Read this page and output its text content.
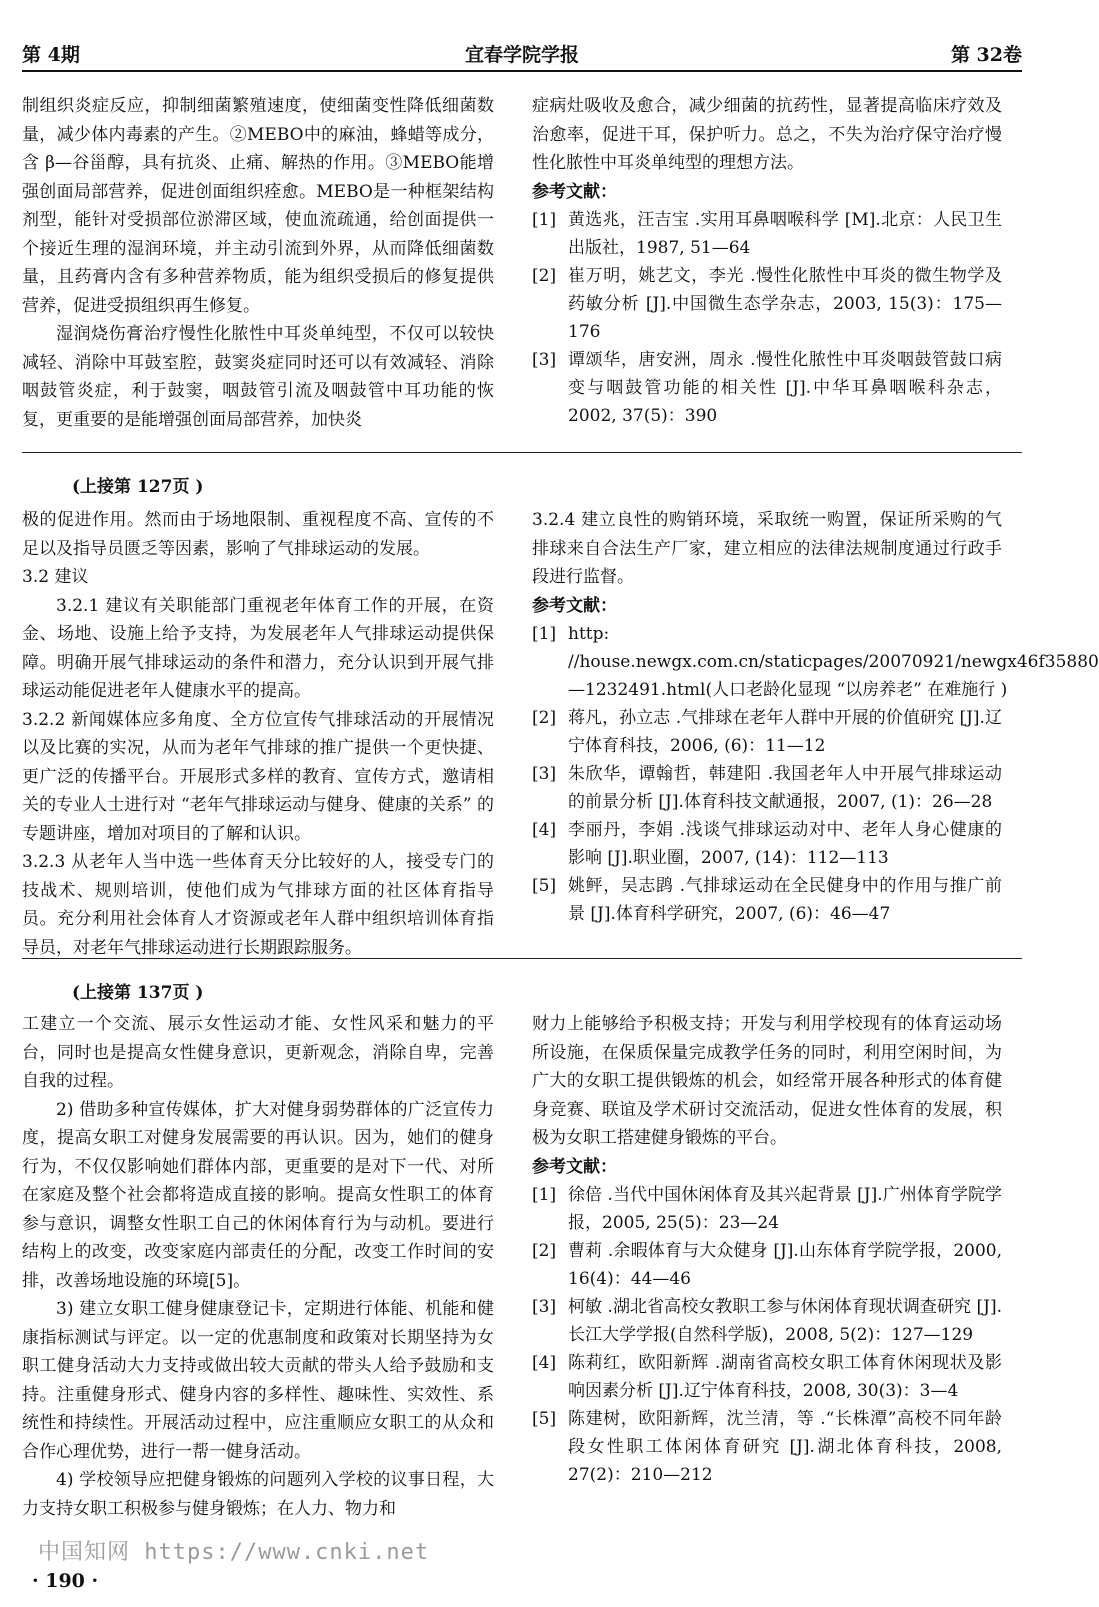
第 4期	宜春学院学报	第 32卷

制组织炎症反应，抑制细菌繁殖速度，使细菌变性降低细菌数量，减少体内毒素的产生。②MEBO中的麻油，蜂蜡等成分，含 β—谷甾醇，具有抗炎、止痛、解热的作用。③MEBO能增强创面局部营养，促进创面组织痊愈。MEBO是一种框架结构剂型，能针对受损部位淤滞区域，使血流疏通，给创面提供一个接近生理的湿润环境，并主动引流到外界，从而降低细菌数量，且药膏内含有多种营养物质，能为组织受损后的修复提供营养，促进受损组织再生修复。

湿润烧伤膏治疗慢性化脓性中耳炎单纯型，不仅可以较快减轻、消除中耳鼓室腔，鼓窦炎症同时还可以有效减轻、消除咽鼓管炎症，利于鼓窦，咽鼓管引流及咽鼓管中耳功能的恢复，更重要的是能增强创面局部营养，加快炎

症病灶吸收及愈合，减少细菌的抗药性，显著提高临床疗效及治愈率，促进干耳，保护听力。总之，不失为治疗保守治疗慢性化脓性中耳炎单纯型的理想方法。

参考文献：

[1] 黄选兆，汪吉宝 .实用耳鼻咽喉科学 [M].北京：人民卫生出版社，1987, 51—64
[2] 崔万明，姚艺文，李光 .慢性化脓性中耳炎的微生物学及药敏分析 [J].中国微生态学杂志，2003, 15(3)：175—176
[3] 谭颂华，唐安洲，周永 .慢性化脓性中耳炎咽鼓管鼓口病变与咽鼓管功能的相关性 [J].中华耳鼻咽喉科杂志，2002, 37(5)：390
(上接第 127页 )

极的促进作用。然而由于场地限制、重视程度不高、宣传的不足以及指导员匮乏等因素，影响了气排球运动的发展。

3.2 建议

3.2.1 建议有关职能部门重视老年体育工作的开展，在资金、场地、设施上给予支持，为发展老年人气排球运动提供保障。明确开展气排球运动的条件和潜力，充分认识到开展气排球运动能促进老年人健康水平的提高。

3.2.2 新闻媒体应多角度、全方位宣传气排球活动的开展情况以及比赛的实况，从而为老年气排球的推广提供一个更快捷、更广泛的传播平台。开展形式多样的教育、宣传方式，邀请相关的专业人士进行对 “老年气排球运动与健身、健康的关系” 的专题讲座，增加对项目的了解和认识。

3.2.3 从老年人当中选一些体育天分比较好的人，接受专门的技战术、规则培训，使他们成为气排球方面的社区体育指导员。充分利用社会体育人才资源或老年人群中组织培训体育指导员，对老年气排球运动进行长期跟踪服务。

3.2.4 建立良性的购销环境，采取统一购置，保证所采购的气排球来自合法生产厂家，建立相应的法律法规制度通过行政手段进行监督。

参考文献：

[1] http: //house.newgx.com.cn/staticpages/20070921/newgx46f35880—1232491.html(人口老龄化显现 “以房养老” 在难施行 )
[2] 蒋凡，孙立志 .气排球在老年人群中开展的价值研究 [J].辽宁体育科技，2006, (6)：11—12
[3] 朱欣华，谭翰哲，韩建阳 .我国老年人中开展气排球运动的前景分析 [J].体育科技文献通报，2007, (1)：26—28
[4] 李丽丹，李娟 .浅谈气排球运动对中、老年人身心健康的影响 [J].职业圈，2007, (14)：112—113
[5] 姚鲆，吴志鹍 .气排球运动在全民健身中的作用与推广前景 [J].体育科学研究，2007, (6)：46—47
(上接第 137页 )

工建立一个交流、展示女性运动才能、女性风采和魅力的平台，同时也是提高女性健身意识，更新观念，消除自卑，完善自我的过程。

2) 借助多种宣传媒体，扩大对健身弱势群体的广泛宣传力度，提高女职工对健身发展需要的再认识。因为，她们的健身行为，不仅仅影响她们群体内部，更重要的是对下一代、对所在家庭及整个社会都将造成直接的影响。提高女性职工的体育参与意识，调整女性职工自己的休闲体育行为与动机。要进行结构上的改变，改变家庭内部责任的分配，改变工作时间的安排，改善场地设施的环境[5]。

3) 建立女职工健身健康登记卡，定期进行体能、机能和健康指标测试与评定。以一定的优惠制度和政策对长期坚持为女职工健身活动大力支持或做出较大贡献的带头人给予鼓励和支持。注重健身形式、健身内容的多样性、趣味性、实效性、系统性和持续性。开展活动过程中，应注重顺应女职工的从众和合作心理优势，进行一帮一健身活动。

4) 学校领导应把健身锻炼的问题列入学校的议事日程，大力支持女职工积极参与健身锻炼；在人力、物力和

财力上能够给予积极支持；开发与利用学校现有的体育运动场所设施，在保质保量完成教学任务的同时，利用空闲时间，为广大的女职工提供锻炼的机会，如经常开展各种形式的体育健身竞赛、联谊及学术研讨交流活动，促进女性体育的发展，积极为女职工搭建健身锻炼的平台。

参考文献：

[1] 徐倍 .当代中国休闲体育及其兴起背景 [J].广州体育学院学报，2005, 25(5)：23—24
[2] 曹莉 .余暇体育与大众健身 [J].山东体育学院学报，2000, 16(4)：44—46
[3] 柯敏 .湖北省高校女教职工参与休闲体育现状调查研究 [J].长江大学学报(自然科学版)，2008, 5(2)：127—129
[4] 陈莉红，欧阳新辉 .湖南省高校女职工体育休闲现状及影响因素分析 [J].辽宁体育科技，2008, 30(3)：3—4
[5] 陈建树，欧阳新辉，沈兰清，等 .“长株潭”高校不同年龄段女性职工体闲体育研究 [J].湖北体育科技，2008, 27(2)：210—212
中国知网 https://www.cnki.net
· 190 ·
